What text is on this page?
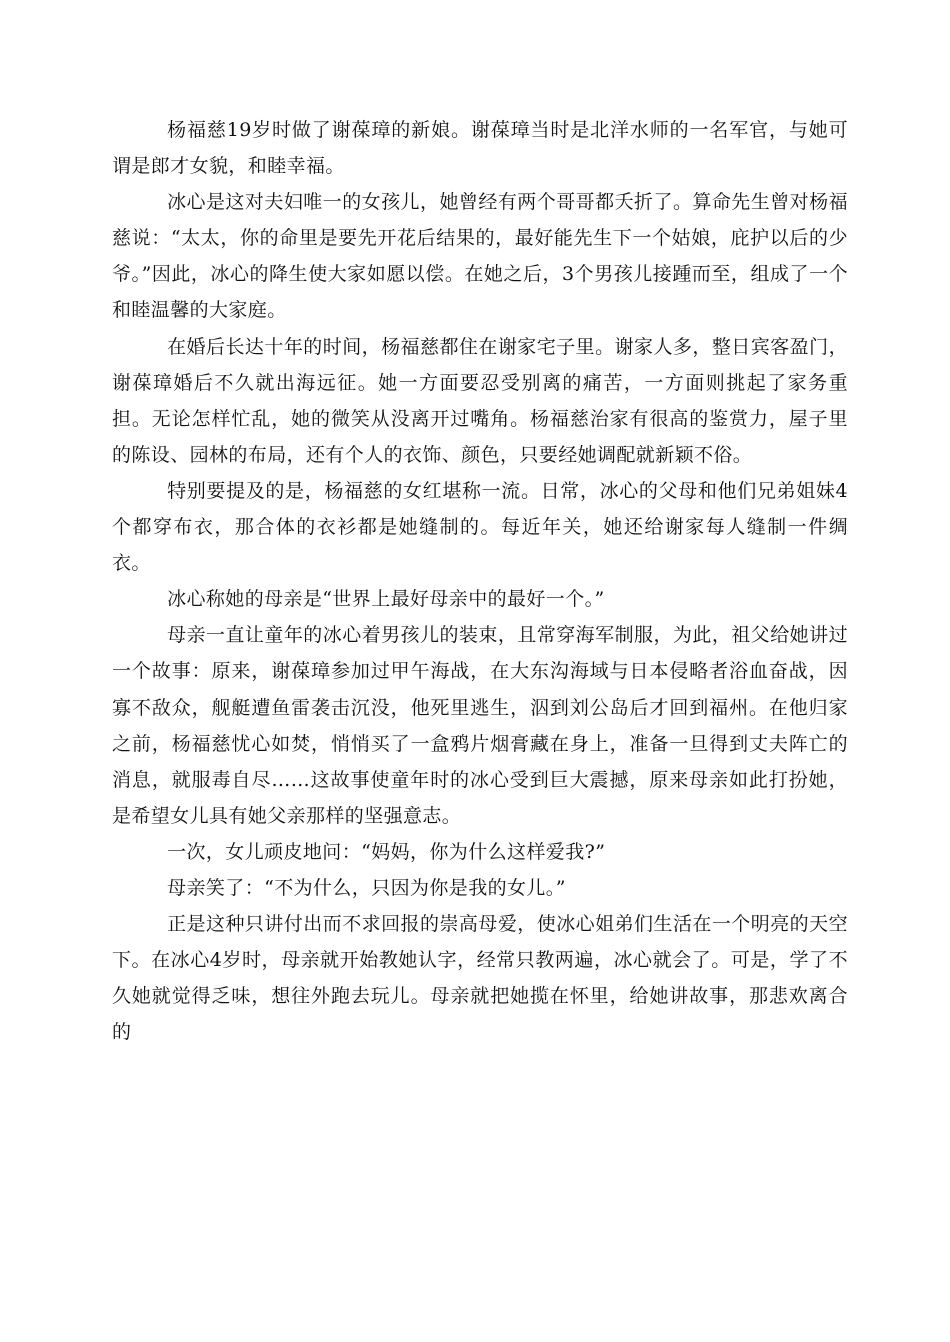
杨福慈19岁时做了谢葆璋的新娘。谢葆璋当时是北洋水师的一名军官，与她可谓是郎才女貌，和睦幸福。

冰心是这对夫妇唯一的女孩儿，她曾经有两个哥哥都夭折了。算命先生曾对杨福慈说：“太太，你的命里是要先开花后结果的，最好能先生下一个姑娘，庇护以后的少爷。”因此，冰心的降生使大家如愿以偿。在她之后，3个男孩儿接踵而至，组成了一个和睦温馨的大家庭。

在婚后长达十年的时间，杨福慈都住在谢家宅子里。谢家人多，整日宾客盈门，谢葆璋婚后不久就出海远征。她一方面要忍受别离的痛苦，一方面则挑起了家务重担。无论怎样忙乱，她的微笑从没离开过嘴角。杨福慈治家有很高的鉴赏力，屋子里的陈设、园林的布局，还有个人的衣饰、颜色，只要经她调配就新颖不俗。

特别要提及的是，杨福慈的女红堪称一流。日常，冰心的父母和他们兄弟姐妹4个都穿布衣，那合体的衣衫都是她缝制的。每近年关，她还给谢家每人缝制一件绸衣。

冰心称她的母亲是“世界上最好母亲中的最好一个。”

母亲一直让童年的冰心着男孩儿的装束，且常穿海军制服，为此，祖父给她讲过一个故事：原来，谢葆璋参加过甲午海战，在大东沟海域与日本侵略者浴血奋战，因寡不敌众，舰艇遭鱼雷袭击沉没，他死里逃生，泅到刘公岛后才回到福州。在他归家之前，杨福慈忧心如焚，悄悄买了一盒鸦片烟膏藏在身上，准备一旦得到丈夫阵亡的消息，就服毒自尽……这故事使童年时的冰心受到巨大震撼，原来母亲如此打扮她，是希望女儿具有她父亲那样的坚强意志。

一次，女儿顽皮地问：“妈妈，你为什么这样爱我?”

母亲笑了：“不为什么，只因为你是我的女儿。”

正是这种只讲付出而不求回报的崇高母爱，使冰心姐弟们生活在一个明亮的天空下。在冰心4岁时，母亲就开始教她认字，经常只教两遍，冰心就会了。可是，学了不久她就觉得乏味，想往外跑去玩儿。母亲就把她揽在怀里，给她讲故事，那悲欢离合的
